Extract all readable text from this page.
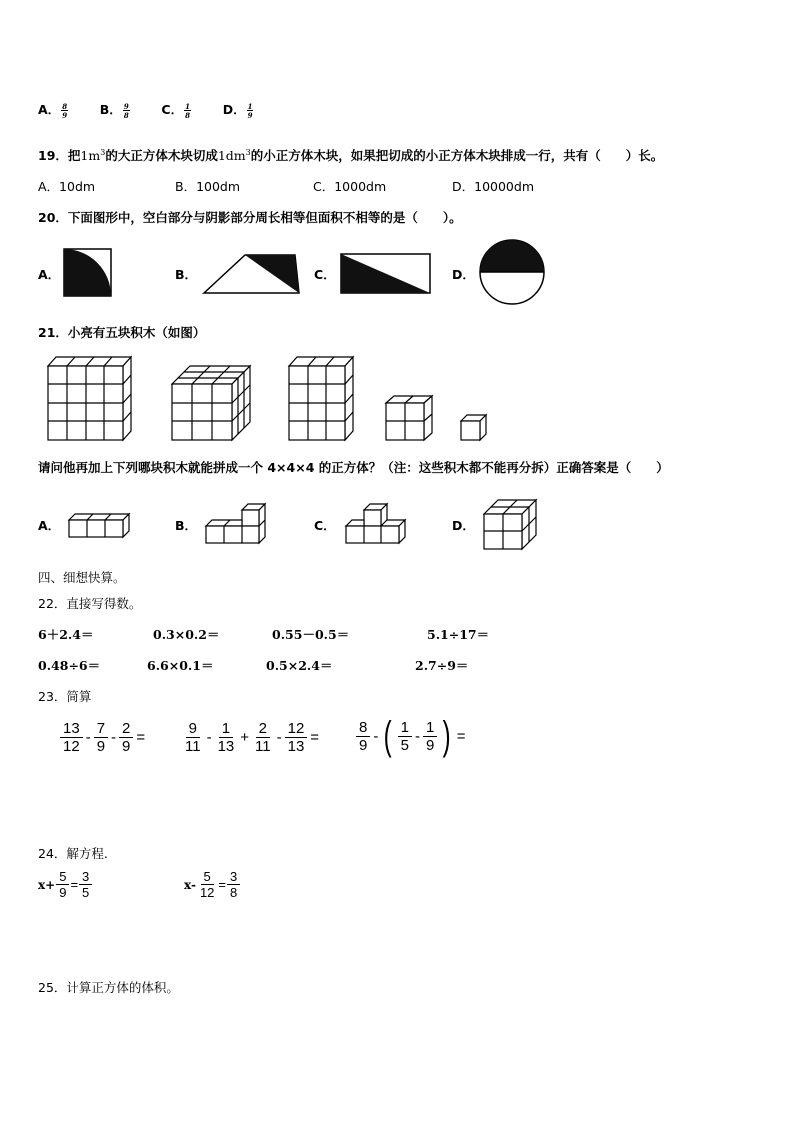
A． $\frac{8}{9}$ B． $\frac{9}{8}$ C． $\frac{1}{8}$ D． $\frac{1}{9}$
19．把$1m^3$的大正方体木块切成$1dm^3$的小正方体木块，如果把切成的小正方体木块排成一行，共有（　　）长。
A．10dm	B．100dm	C．1000dm	D．10000dm
20．下面图形中，空白部分与阴影部分周长相等但面积不相等的是（　　）。
A．	B．	C．	D．
21．小亮有五块积木（如图）
请问他再加上下列哪块积木就能拼成一个 4×4×4 的正方体？（注：这些积木都不能再分拆）正确答案是（　　）
A．	B．	C．	D．
四、细想快算。
22．直接写得数。
6＋2.4＝	0.3×0.2＝	0.55－0.5＝	5.1÷17＝
0.48÷6＝	6.6×0.1＝	0.5×2.4＝	2.7÷9＝
23．简算
$\frac{13}{12} - \frac{7}{9} - \frac{2}{9} = \frac{9}{11} - \frac{1}{13} + \frac{2}{11} - \frac{12}{13} = \frac{8}{9}$ - ( $\frac{1}{5} - \frac{1}{9}$ ) =
24．解方程.
$x+ \frac{5}{9} = \frac{3}{5}$	$x- \frac{5}{12} = \frac{3}{8}$
25．计算正方体的体积。
